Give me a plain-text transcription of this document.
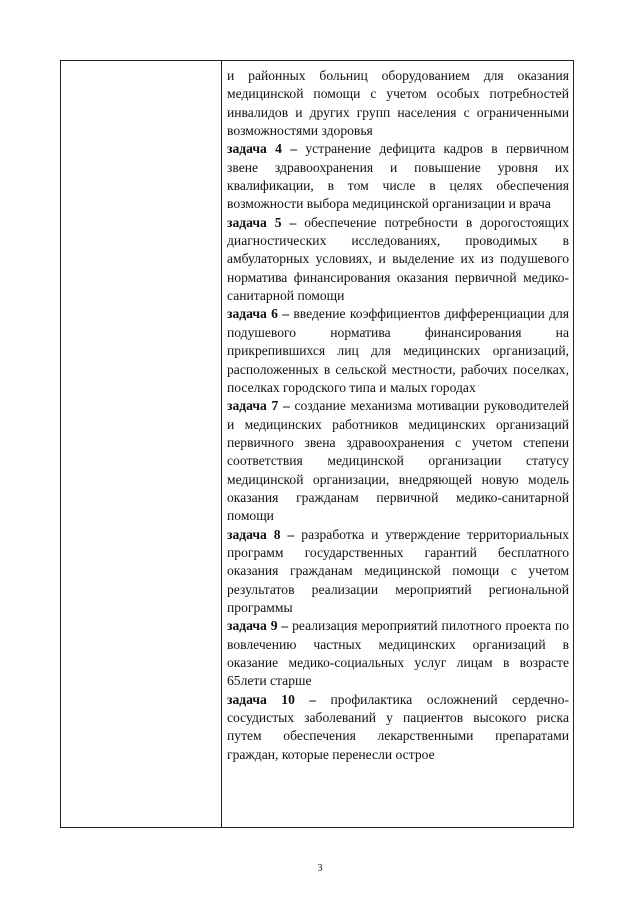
и районных больниц оборудованием для оказания медицинской помощи с учетом особых потребностей инвалидов и других групп населения с ограниченными возможностями здоровья

задача 4 – устранение дефицита кадров в первичном звене здравоохранения и повышение уровня их квалификации, в том числе в целях обеспечения возможности выбора медицинской организации и врача

задача 5 – обеспечение потребности в дорогостоящих диагностических исследованиях, проводимых в амбулаторных условиях, и выделение их из подушевого норматива финансирования оказания первичной медико-санитарной помощи

задача 6 – введение коэффициентов дифференциации для подушевого норматива финансирования на прикрепившихся лиц для медицинских организаций, расположенных в сельской местности, рабочих поселках, поселках городского типа и малых городах

задача 7 – создание механизма мотивации руководителей и медицинских работников медицинских организаций первичного звена здравоохранения с учетом степени соответствия медицинской организации статусу медицинской организации, внедряющей новую модель оказания гражданам первичной медико-санитарной помощи

задача 8 – разработка и утверждение территориальных программ государственных гарантий бесплатного оказания гражданам медицинской помощи с учетом результатов реализации мероприятий региональной программы

задача 9 – реализация мероприятий пилотного проекта по вовлечению частных медицинских организаций в оказание медико-социальных услуг лицам в возрасте 65лети старше

задача 10 – профилактика осложнений сердечно-сосудистых заболеваний у пациентов высокого риска путем обеспечения лекарственными препаратами граждан, которые перенесли острое

3
